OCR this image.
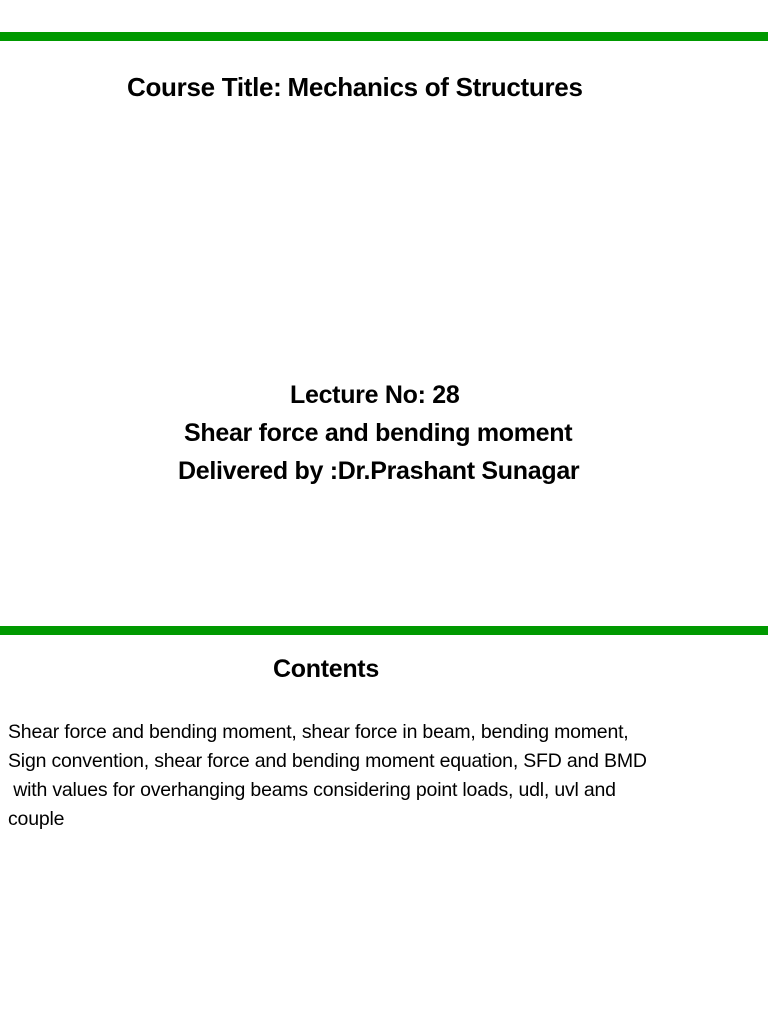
Course Title: Mechanics of Structures
Lecture No: 28
Shear force and bending moment
Delivered by :Dr.Prashant Sunagar
Contents
Shear force and bending moment, shear force in beam, bending moment,
Sign convention, shear force and bending moment equation, SFD and BMD
with values for overhanging beams considering point loads, udl, uvl and
couple
